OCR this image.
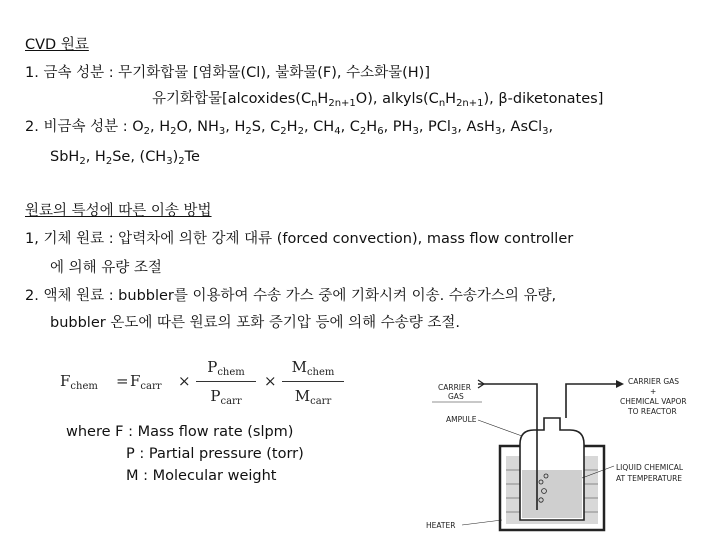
CVD 원료
1. 금속 성분 : 무기화합물 [염화물(Cl), 불화물(F), 수소화물(H)]
유기화합물[$alcoxides(C_nH_{2n+1}O)$, $alkyls(C_nH_{2n+1})$, β-diketonates]
2. 비금속 성분 : $O_2$, $H_2O$, $NH_3$, $H_2S$, $C_2H_2$, $CH_4$, $C_2H_6$, $PH_3$, PCl$_3$, AsH$_3$, AsCl$_3$,
SbH$_2$, $H_2Se$, $(CH_3)_2Te$
원료의 특성에 따른 이송 방법
1, 기체 원료 : 압력차에 의한 강제 대류 (forced convection), mass flow controller
에 의해 유량 조절
2. 액체 원료 : bubbler를 이용하여 수송 가스 중에 기화시켜 이송. 수송가스의 유량,
bubbler 온도에 따른 원료의 포화 증기압 등에 의해 수송량 조절.
$F_{chem} = F_{carr}$ ×
$P_{chem}$
$P_{carr}$
×
$M_{chem}$
$M_{carr}$
where F : Mass flow rate (slpm)
P : Partial pressure (torr)
M : Molecular weight
CARRIER
GAS
CARRIER GAS
+
CHEMICAL VAPOR
TO REACTOR
AMPULE
LIQUID CHEMICAL
AT TEMPERATURE
HEATER
